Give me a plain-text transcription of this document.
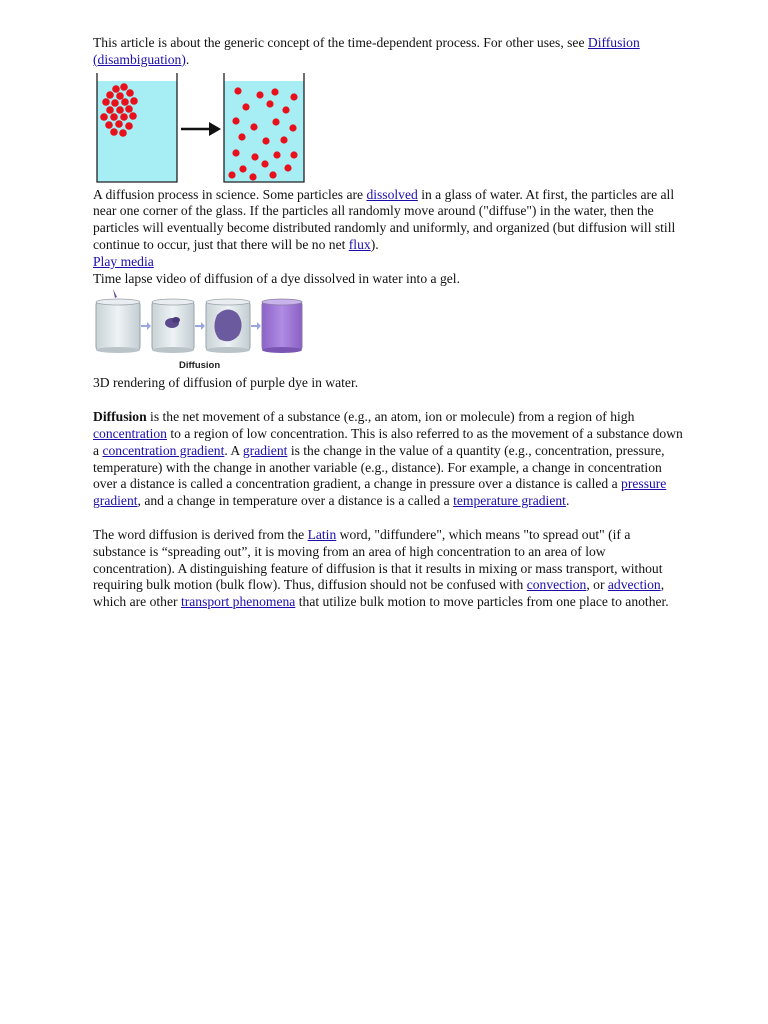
This article is about the generic concept of the time-dependent process. For other uses, see Diffusion (disambiguation).

A diffusion process in science. Some particles are dissolved in a glass of water. At first, the particles are all near one corner of the glass. If the particles all randomly move around ("diffuse") in the water, then the particles will eventually become distributed randomly and uniformly, and organized (but diffusion will still continue to occur, just that there will be no net flux).

Play media

Time lapse video of diffusion of a dye dissolved in water into a gel.

Diffusion

3D rendering of diffusion of purple dye in water.

Diffusion is the net movement of a substance (e.g., an atom, ion or molecule) from a region of high concentration to a region of low concentration. This is also referred to as the movement of a substance down a concentration gradient. A gradient is the change in the value of a quantity (e.g., concentration, pressure, temperature) with the change in another variable (e.g., distance). For example, a change in concentration over a distance is called a concentration gradient, a change in pressure over a distance is called a pressure gradient, and a change in temperature over a distance is a called a temperature gradient.

The word diffusion is derived from the Latin word, "diffundere", which means "to spread out" (if a substance is “spreading out”, it is moving from an area of high concentration to an area of low concentration). A distinguishing feature of diffusion is that it results in mixing or mass transport, without requiring bulk motion (bulk flow). Thus, diffusion should not be confused with convection, or advection, which are other transport phenomena that utilize bulk motion to move particles from one place to another.
